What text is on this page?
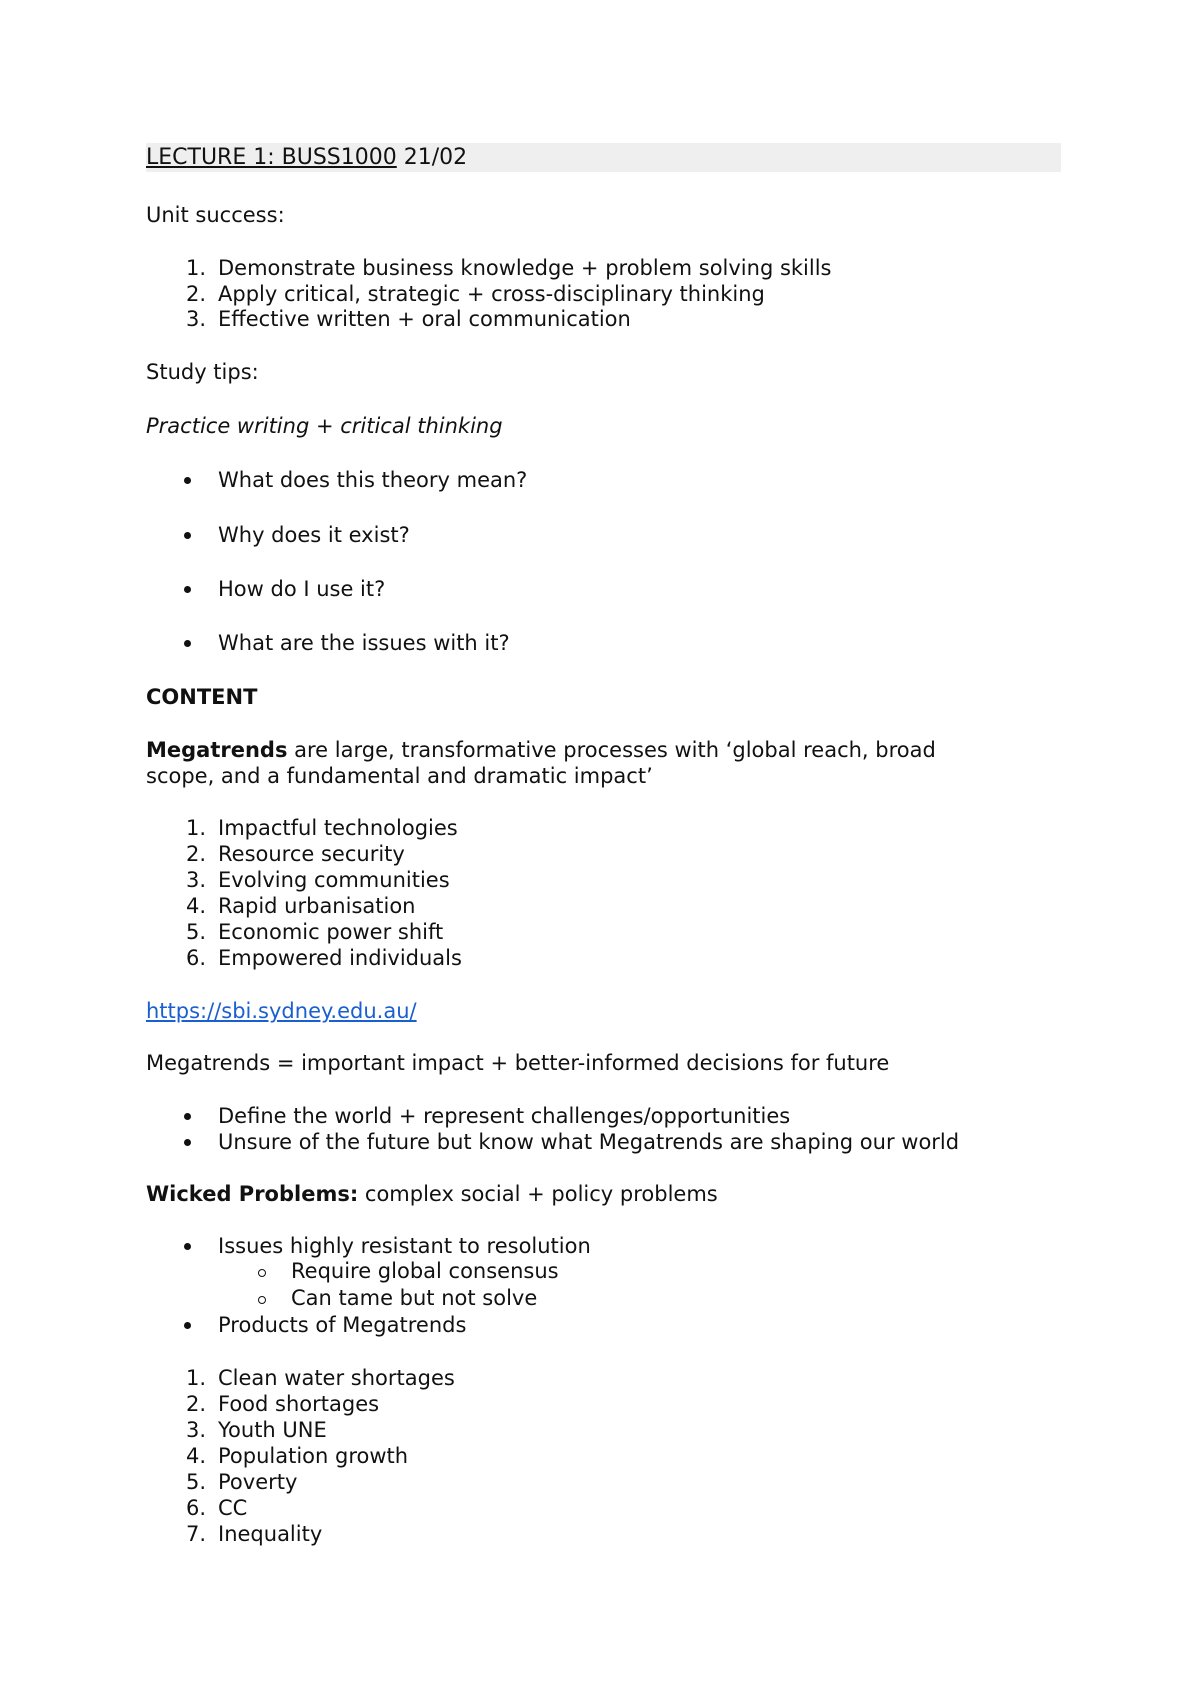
LECTURE 1: BUSS1000 21/02
Unit success:
1. Demonstrate business knowledge + problem solving skills
2. Apply critical, strategic + cross-disciplinary thinking
3. Effective written + oral communication
Study tips:
Practice writing + critical thinking
What does this theory mean?
Why does it exist?
How do I use it?
What are the issues with it?
CONTENT
Megatrends are large, transformative processes with ‘global reach, broad
scope, and a fundamental and dramatic impact’
1. Impactful technologies
2. Resource security
3. Evolving communities
4. Rapid urbanisation
5. Economic power shift
6. Empowered individuals
https://sbi.sydney.edu.au/
Megatrends = important impact + better-informed decisions for future
Define the world + represent challenges/opportunities
Unsure of the future but know what Megatrends are shaping our world
Wicked Problems: complex social + policy problems
Issues highly resistant to resolution
Require global consensus
Can tame but not solve
Products of Megatrends
1. Clean water shortages
2. Food shortages
3. Youth UNE
4. Population growth
5. Poverty
6. CC
7. Inequality
